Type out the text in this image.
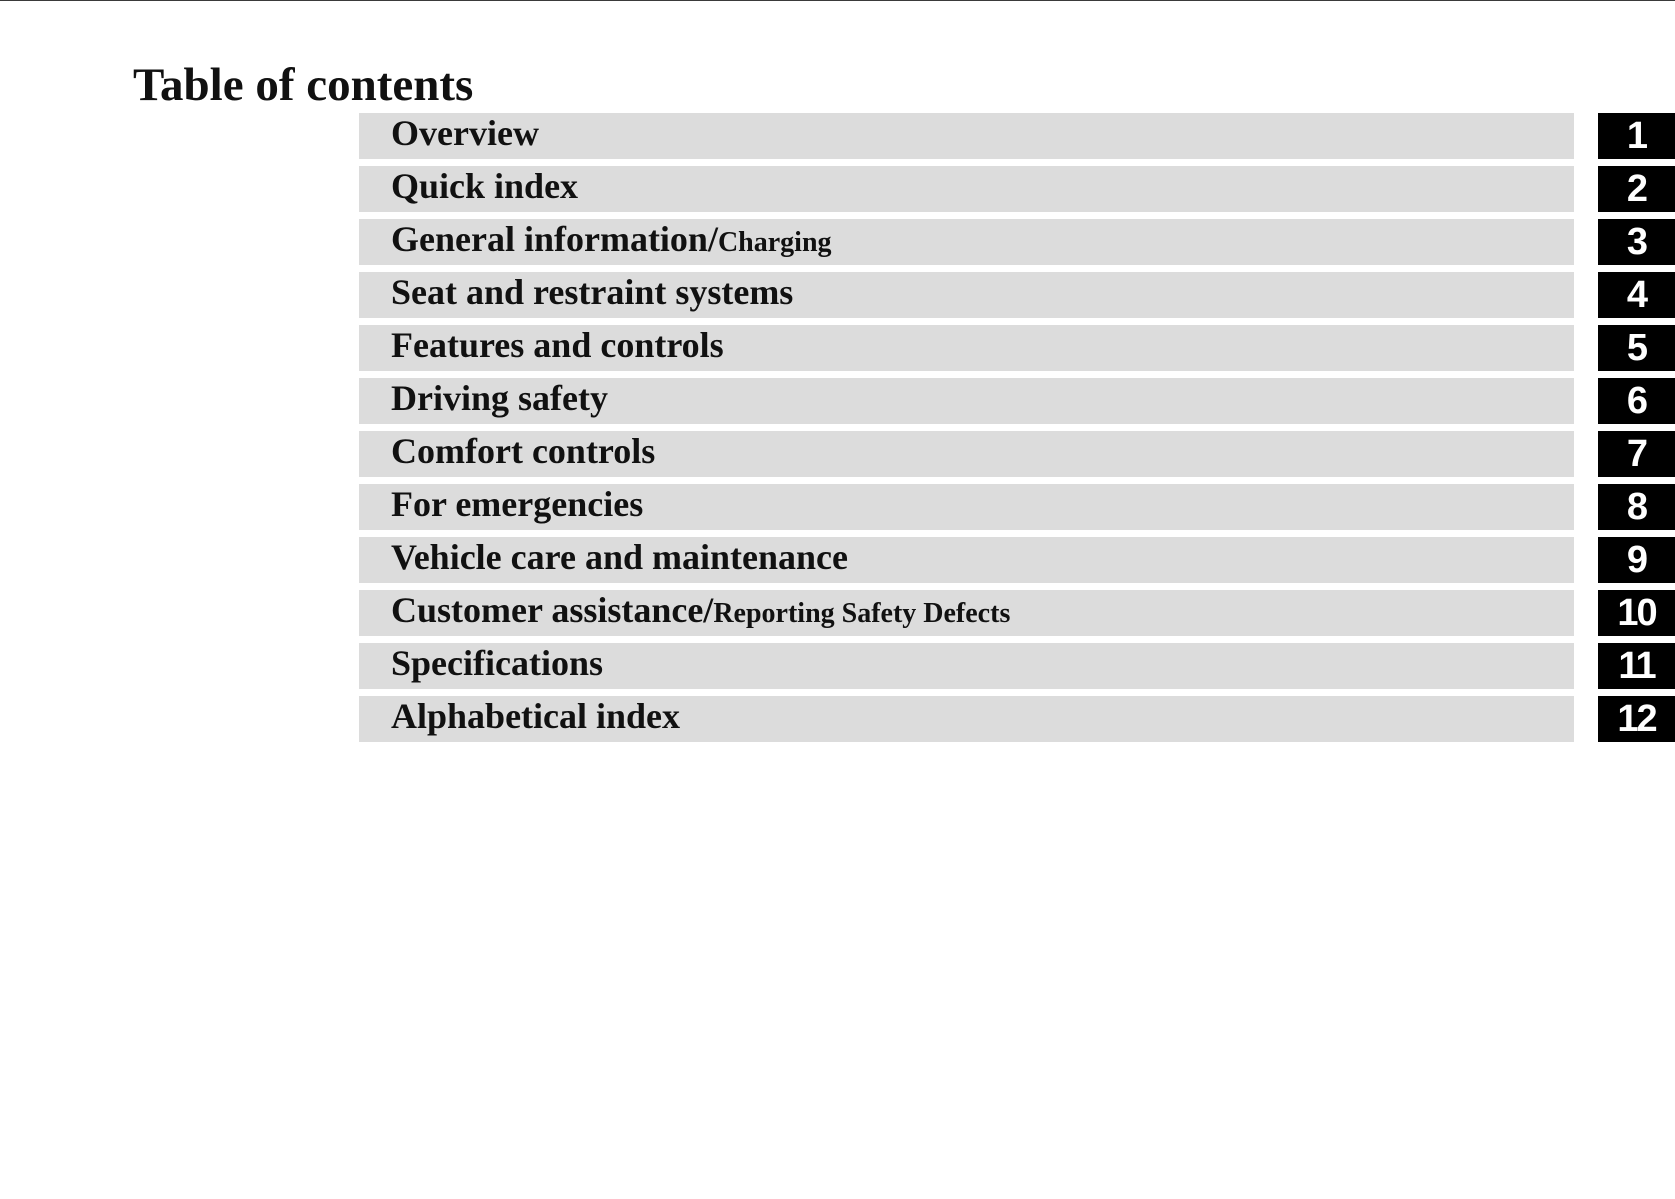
Table of contents
Overview	1
Quick index	2
General information/Charging	3
Seat and restraint systems	4
Features and controls	5
Driving safety	6
Comfort controls	7
For emergencies	8
Vehicle care and maintenance	9
Customer assistance/Reporting Safety Defects	10
Specifications	11
Alphabetical index	12
